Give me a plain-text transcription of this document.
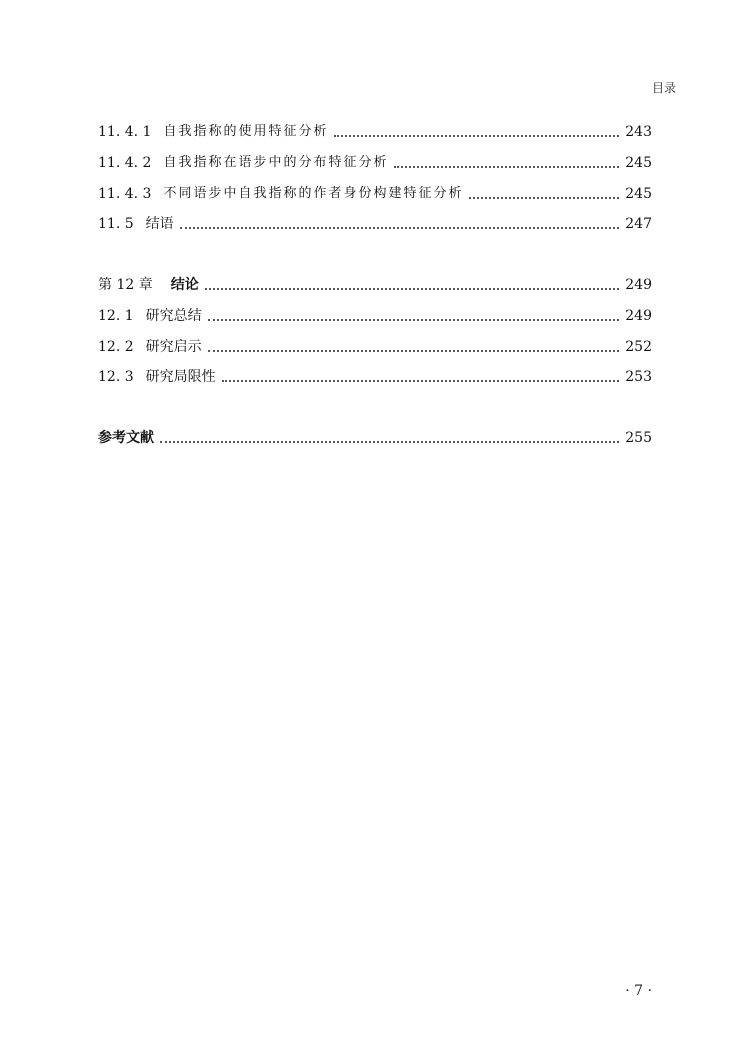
目录
11. 4. 1 自我指称的使用特征分析	243
11. 4. 2 自我指称在语步中的分布特征分析	245
11. 4. 3 不同语步中自我指称的作者身份构建特征分析	245
11. 5 结语	247
第 12 章	结论	249
12. 1 研究总结	249
12. 2 研究启示	252
12. 3 研究局限性	253
参考文献	255
· 7 ·
